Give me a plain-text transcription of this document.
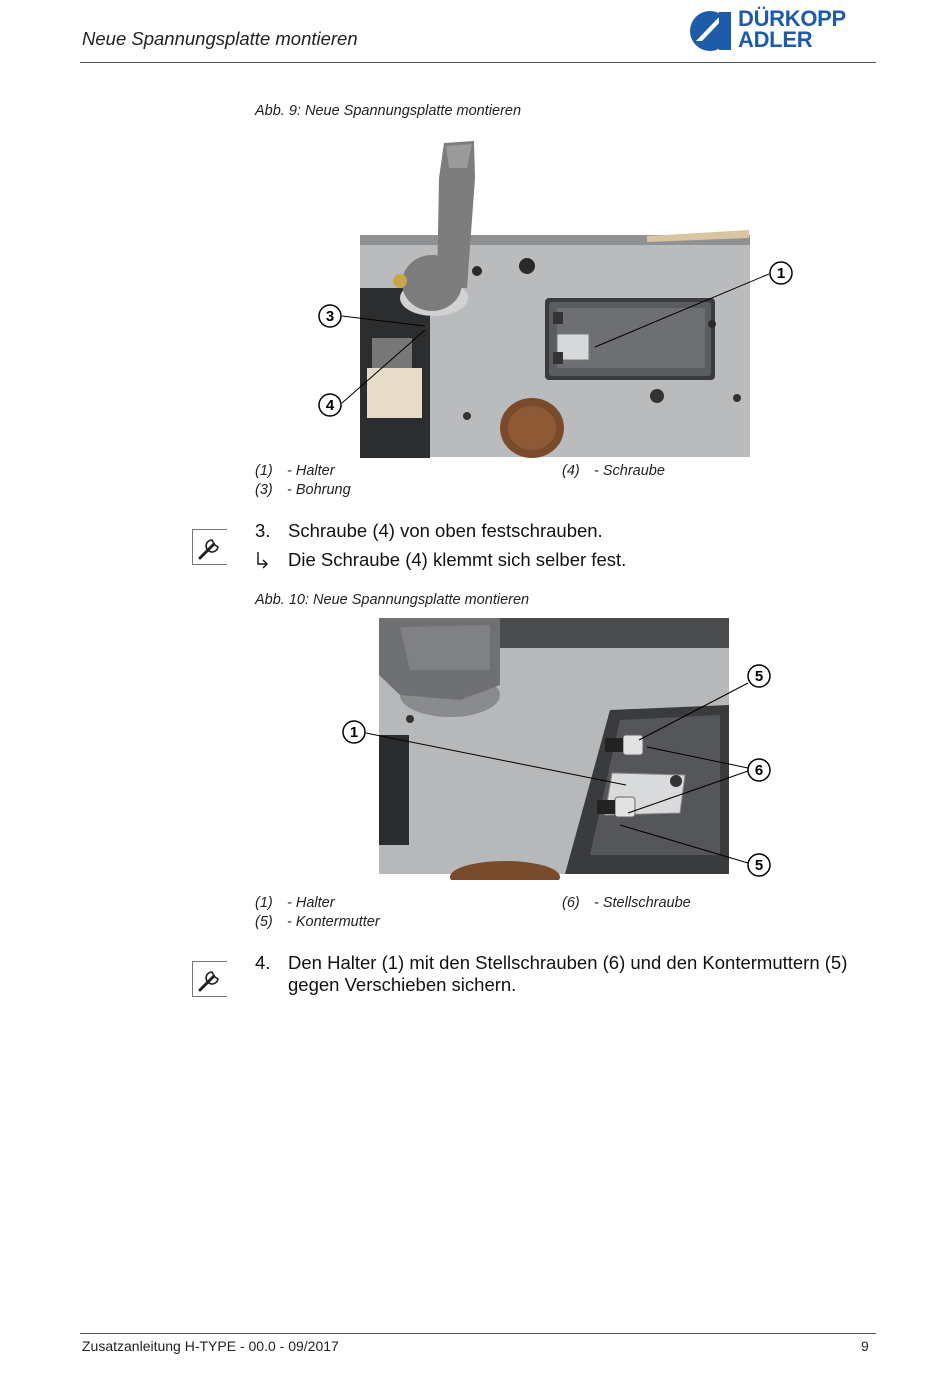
Neue Spannungsplatte montieren
DÜRKOPP
ADLER
Abb. 9: Neue Spannungsplatte montieren
1
3
4
(1) - Halter	(4) - Schraube
(3) - Bohrung
3. Schraube (4) von oben festschrauben.
Die Schraube (4) klemmt sich selber fest.
Abb. 10: Neue Spannungsplatte montieren
5
1
6
5
(1) - Halter	(6) - Stellschraube
(5) - Kontermutter
4. Den Halter (1) mit den Stellschrauben (6) und den Kontermuttern (5) gegen Verschieben sichern.
Zusatzanleitung H-TYPE - 00.0 - 09/2017	9
